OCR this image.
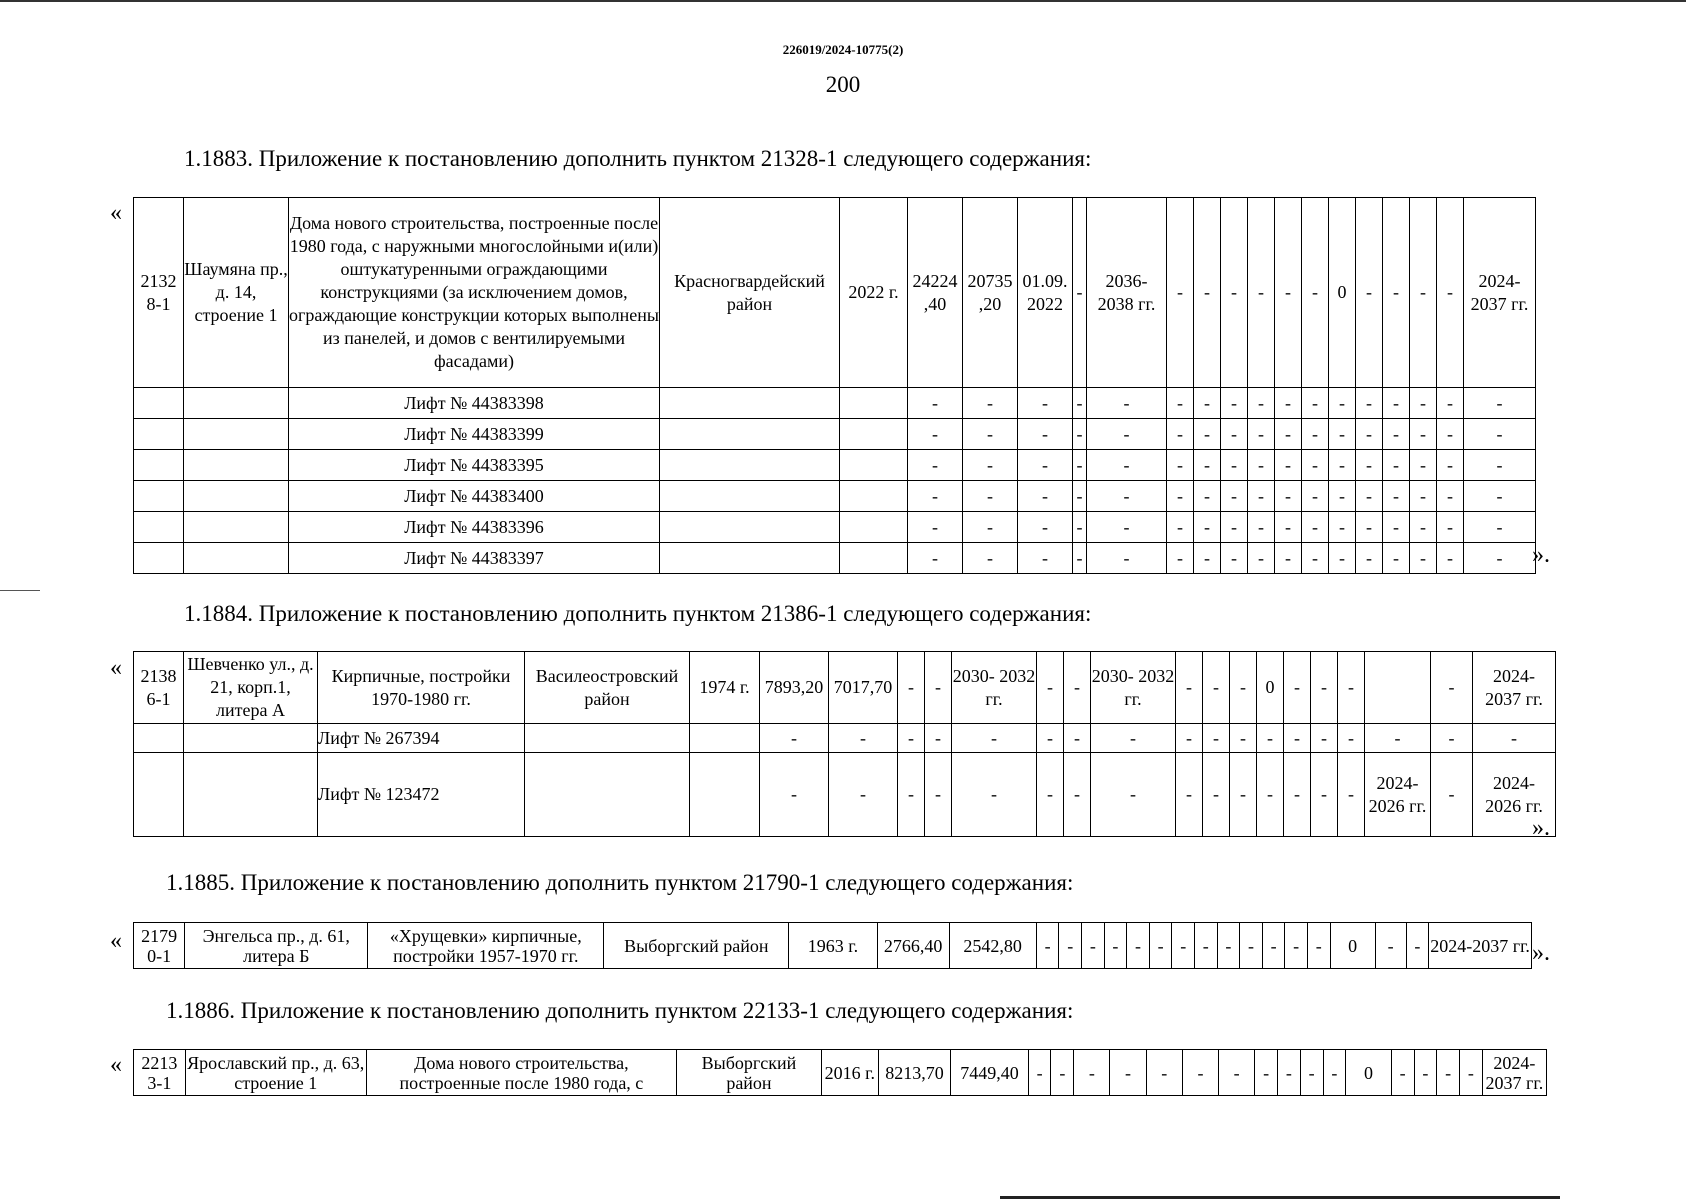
226019/2024-10775(2)
200
1.1883. Приложение к постановлению дополнить пунктом 21328-1 следующего содержания:
«
».
2132 8-1	Шаумяна пр., д. 14, строение 1	Дома нового строительства, построенные после 1980 года, с наружными многослойными и(или) оштукатуренными ограждающими конструкциями (за исключением домов, ограждающие конструкции которых выполнены из панелей, и домов с вентилируемыми фасадами)	Красногвардейский район	2022 г.	24224 ,40	20735 ,20	01.09. 2022	-	2036- 2038 гг.	-	-	-	-	-	-	0	-	-	-	-	2024- 2037 гг.
		Лифт № 44383398			-	-	-	-	-	-	-	-	-	-	-	-	-	-	-	-	-
		Лифт № 44383399			-	-	-	-	-	-	-	-	-	-	-	-	-	-	-	-	-
		Лифт № 44383395			-	-	-	-	-	-	-	-	-	-	-	-	-	-	-	-	-
		Лифт № 44383400			-	-	-	-	-	-	-	-	-	-	-	-	-	-	-	-	-
		Лифт № 44383396			-	-	-	-	-	-	-	-	-	-	-	-	-	-	-	-	-
		Лифт № 44383397			-	-	-	-	-	-	-	-	-	-	-	-	-	-	-	-	-
1.1884. Приложение к постановлению дополнить пунктом 21386-1 следующего содержания:
«
».
2138 6-1	Шевченко ул., д. 21, корп.1, литера А	Кирпичные, постройки 1970-1980 гг.	Василеостровский район	1974 г.	7893,20	7017,70	-	-	2030- 2032 гг.	-	-	2030- 2032 гг.	-	-	-	0	-	-	-		-	2024- 2037 гг.
		Лифт № 267394			-	-	-	-	-	-	-	-	-	-	-	-	-	-	-	-	-	-
		Лифт № 123472			-	-	-	-	-	-	-	-	-	-	-	-	-	-	-	2024- 2026 гг.	-	2024- 2026 гг.
1.1885. Приложение к постановлению дополнить пунктом 21790-1 следующего содержания:
«	».
2179 0-1	Энгельса пр., д. 61, литера Б	«Хрущевки» кирпичные, постройки 1957-1970 гг.	Выборгский район	1963 г.	2766,40	2542,80	-	-	-	-	-	-	-	-	-	-	-	-	-	0	-	-	2024-2037 гг.
1.1886. Приложение к постановлению дополнить пунктом 22133-1 следующего содержания:
« 2213 3-1	Ярославский пр., д. 63, строение 1	Дома нового строительства, построенные после 1980 года, с	Выборгский район	2016 г.	8213,70	7449,40	-	-	-	-	-	-	-	-	-	-	-	0	-	-	-	-	2024- 2037 гг.
